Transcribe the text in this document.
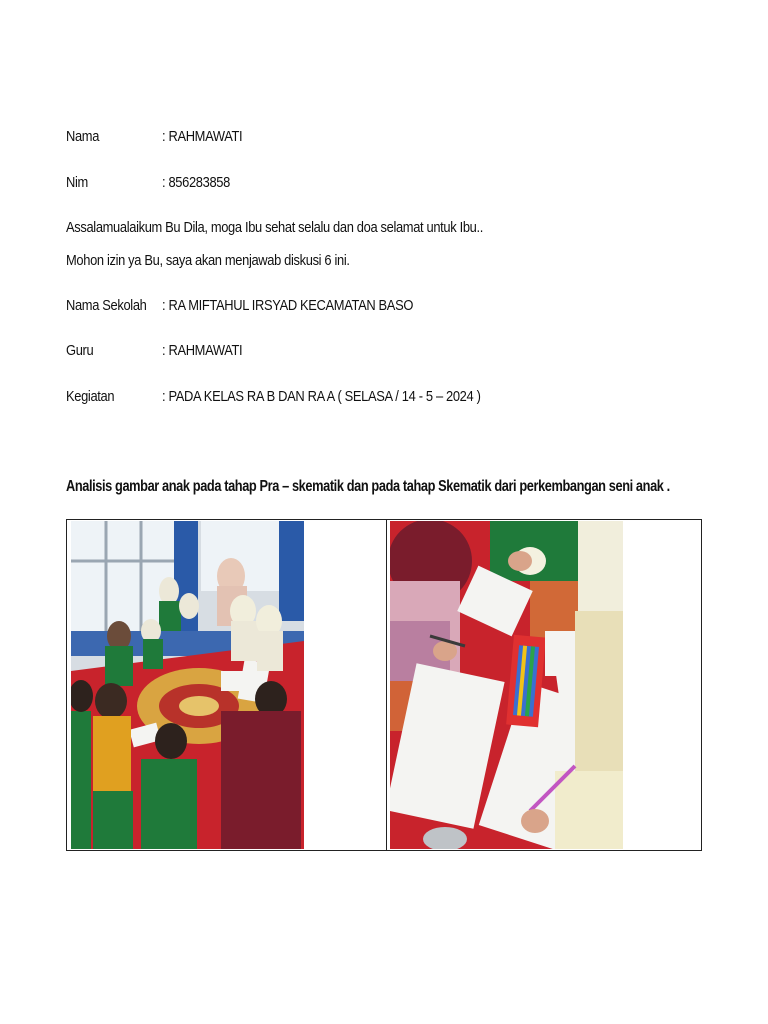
Nama	: RAHMAWATI
Nim	: 856283858
Assalamualaikum Bu Dila, moga Ibu sehat selalu dan doa selamat untuk Ibu..
Mohon izin ya Bu, saya akan menjawab diskusi 6 ini.
Nama Sekolah : RA MIFTAHUL IRSYAD KECAMATAN BASO
Guru	: RAHMAWATI
Kegiatan	: PADA KELAS RA B DAN RA A ( SELASA / 14 - 5 – 2024 )
Analisis gambar anak pada tahap Pra – skematik dan pada tahap Skematik dari perkembangan seni anak .
